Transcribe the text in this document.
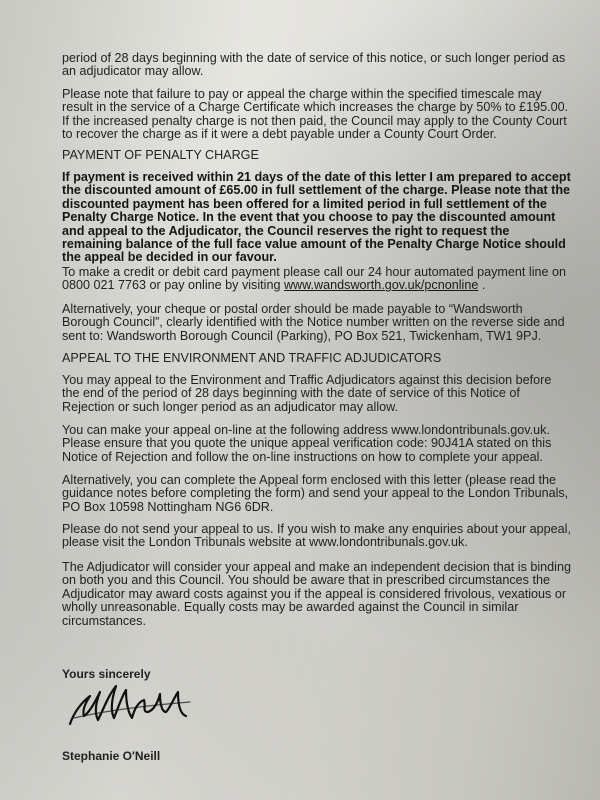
period of 28 days beginning with the date of service of this notice, or such longer period as an adjudicator may allow.

Please note that failure to pay or appeal the charge within the specified timescale may result in the service of a Charge Certificate which increases the charge by 50% to £195.00. If the increased penalty charge is not then paid, the Council may apply to the County Court to recover the charge as if it were a debt payable under a County Court Order.

PAYMENT OF PENALTY CHARGE

If payment is received within 21 days of the date of this letter I am prepared to accept the discounted amount of £65.00 in full settlement of the charge. Please note that the discounted payment has been offered for a limited period in full settlement of the Penalty Charge Notice. In the event that you choose to pay the discounted amount and appeal to the Adjudicator, the Council reserves the right to request the remaining balance of the full face value amount of the Penalty Charge Notice should the appeal be decided in our favour.

To make a credit or debit card payment please call our 24 hour automated payment line on 0800 021 7763 or pay online by visiting www.wandsworth.gov.uk/pcnonline .

Alternatively, your cheque or postal order should be made payable to “Wandsworth Borough Council”, clearly identified with the Notice number written on the reverse side and sent to: Wandsworth Borough Council (Parking), PO Box 521, Twickenham, TW1 9PJ.

APPEAL TO THE ENVIRONMENT AND TRAFFIC ADJUDICATORS

You may appeal to the Environment and Traffic Adjudicators against this decision before the end of the period of 28 days beginning with the date of service of this Notice of Rejection or such longer period as an adjudicator may allow.

You can make your appeal on-line at the following address www.londontribunals.gov.uk. Please ensure that you quote the unique appeal verification code: 90J41A stated on this Notice of Rejection and follow the on-line instructions on how to complete your appeal.

Alternatively, you can complete the Appeal form enclosed with this letter (please read the guidance notes before completing the form) and send your appeal to the London Tribunals, PO Box 10598 Nottingham NG6 6DR.

Please do not send your appeal to us. If you wish to make any enquiries about your appeal, please visit the London Tribunals website at www.londontribunals.gov.uk.

The Adjudicator will consider your appeal and make an independent decision that is binding on both you and this Council. You should be aware that in prescribed circumstances the Adjudicator may award costs against you if the appeal is considered frivolous, vexatious or wholly unreasonable. Equally costs may be awarded against the Council in similar circumstances.

Yours sincerely

Stephanie O'Neill
